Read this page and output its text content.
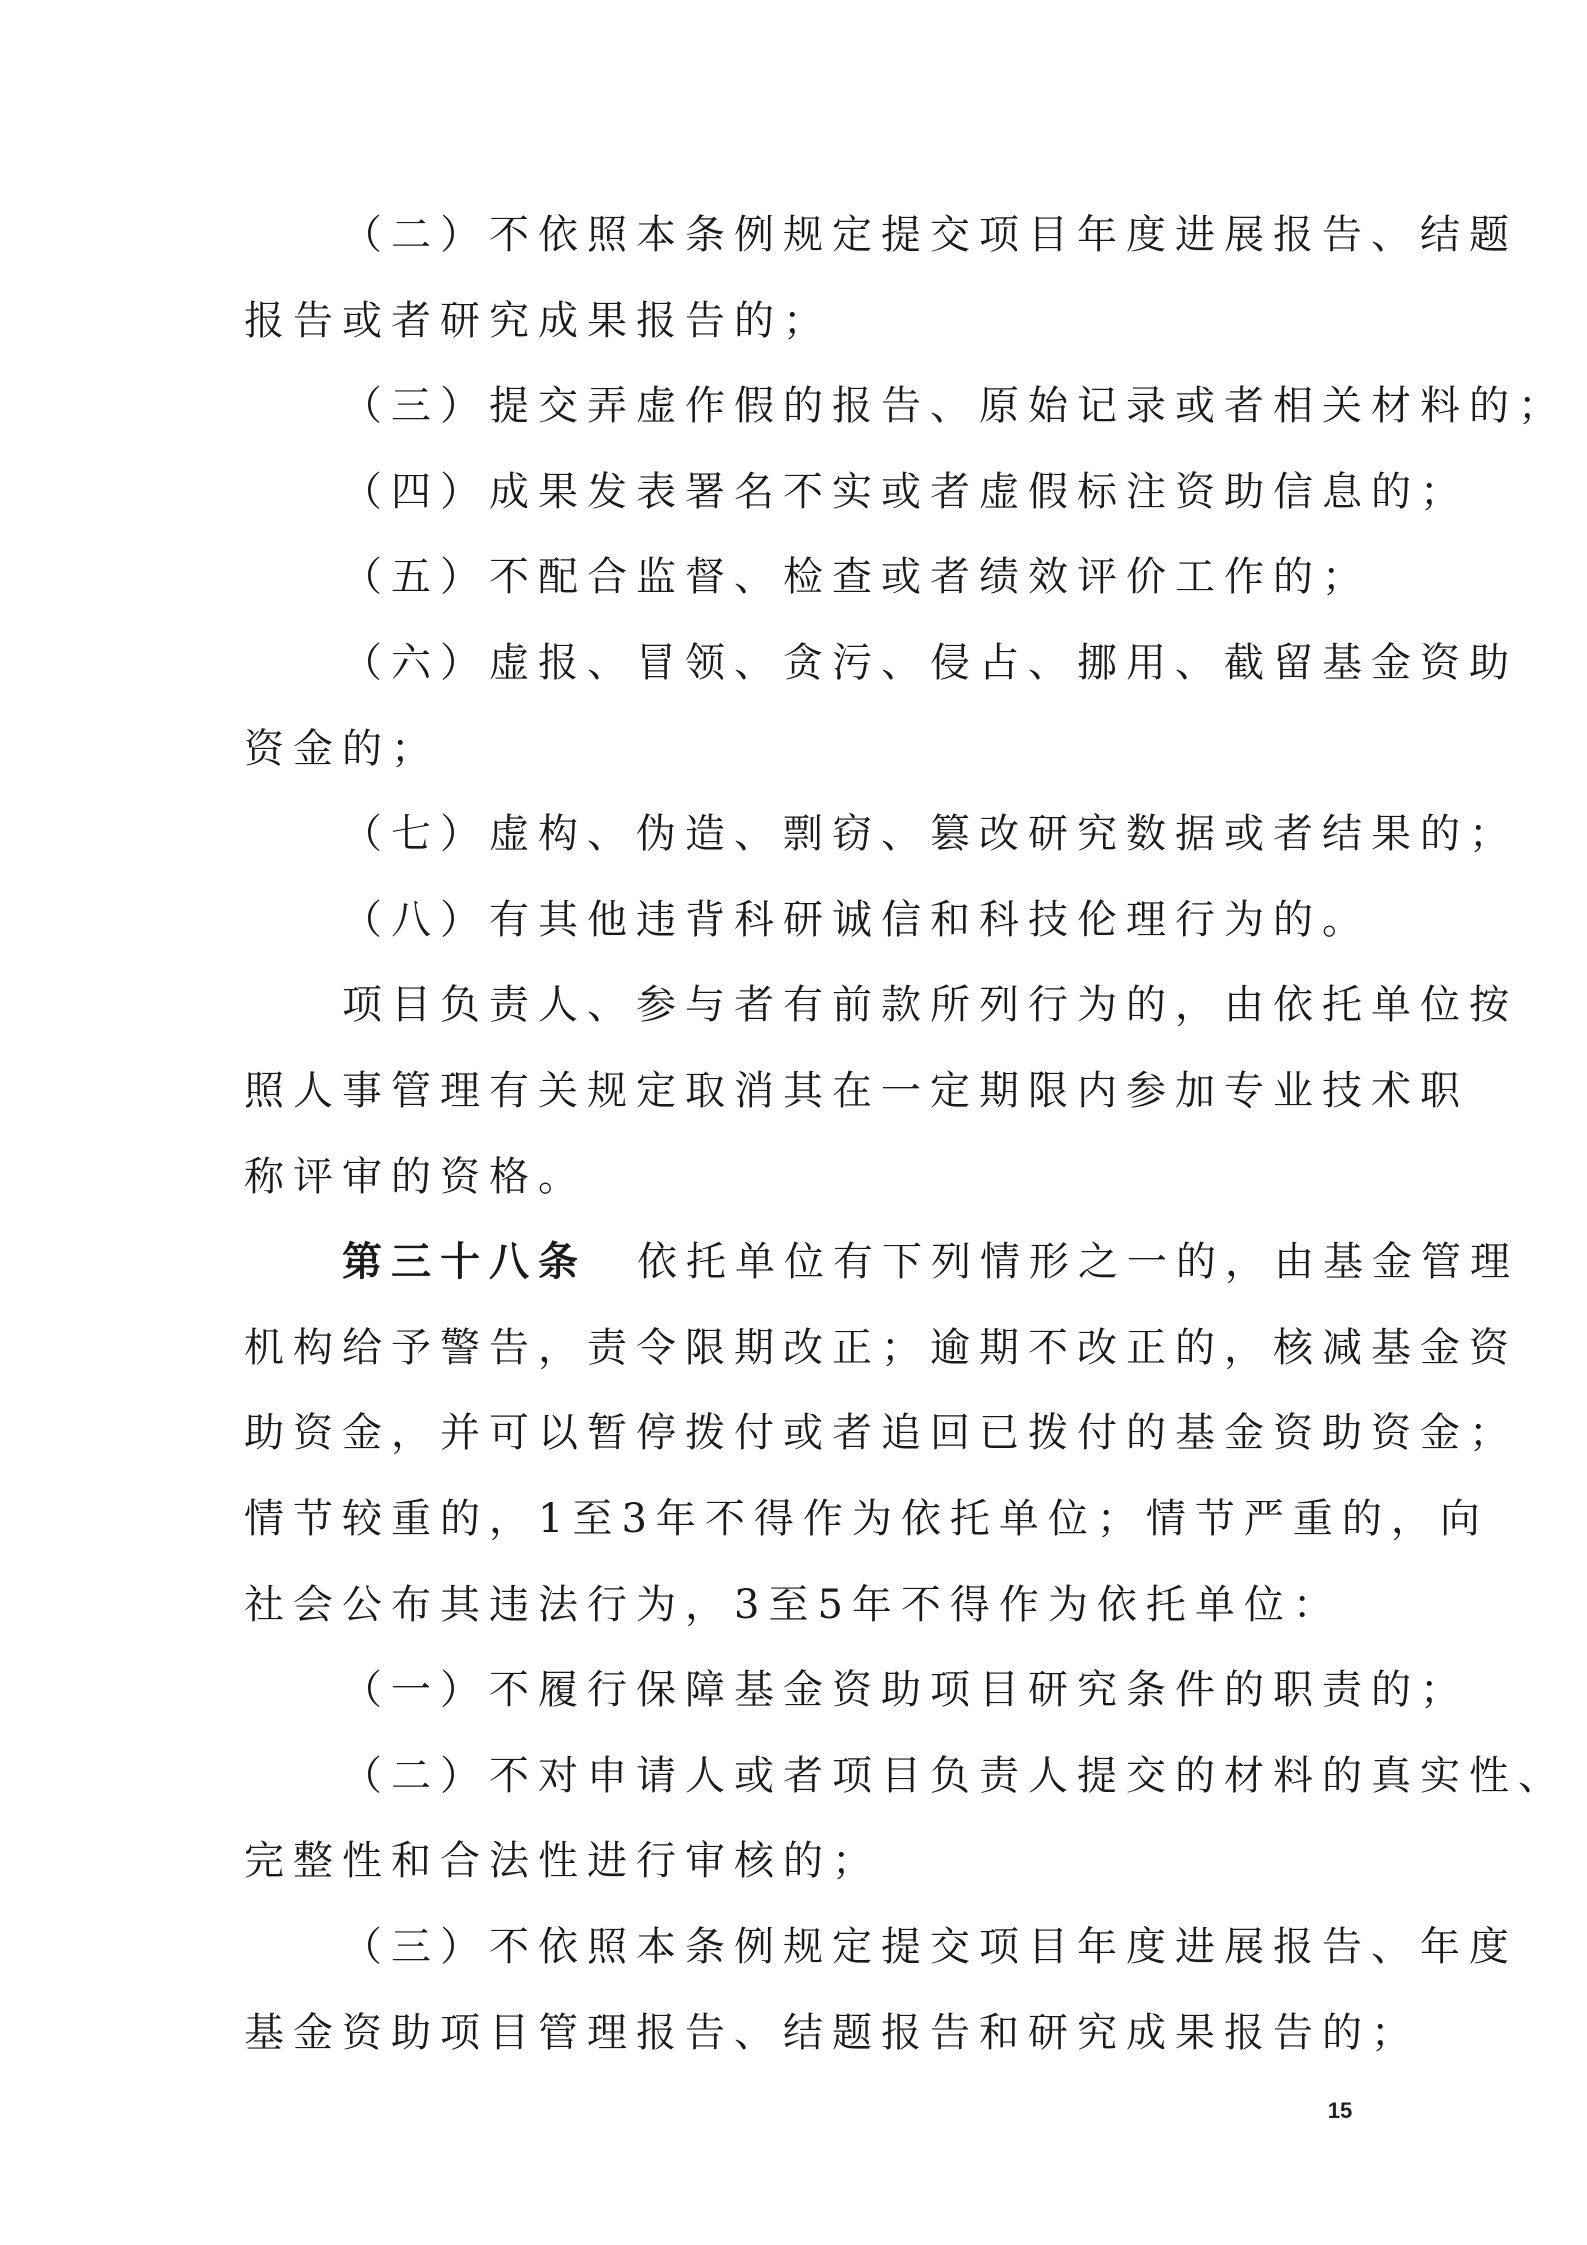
（二）不依照本条例规定提交项目年度进展报告、结题
报告或者研究成果报告的；
（三）提交弄虚作假的报告、原始记录或者相关材料的；
（四）成果发表署名不实或者虚假标注资助信息的；
（五）不配合监督、检查或者绩效评价工作的；
（六）虚报、冒领、贪污、侵占、挪用、截留基金资助
资金的；
（七）虚构、伪造、剽窃、篡改研究数据或者结果的；
（八）有其他违背科研诚信和科技伦理行为的。
项目负责人、参与者有前款所列行为的，由依托单位按
照人事管理有关规定取消其在一定期限内参加专业技术职
称评审的资格。
第三十八条 依托单位有下列情形之一的，由基金管理
机构给予警告，责令限期改正；逾期不改正的，核减基金资
助资金，并可以暂停拨付或者追回已拨付的基金资助资金；
情节较重的，1至3年不得作为依托单位；情节严重的，向
社会公布其违法行为，3至5年不得作为依托单位：
（一）不履行保障基金资助项目研究条件的职责的；
（二）不对申请人或者项目负责人提交的材料的真实性、
完整性和合法性进行审核的；
（三）不依照本条例规定提交项目年度进展报告、年度
基金资助项目管理报告、结题报告和研究成果报告的；
15
